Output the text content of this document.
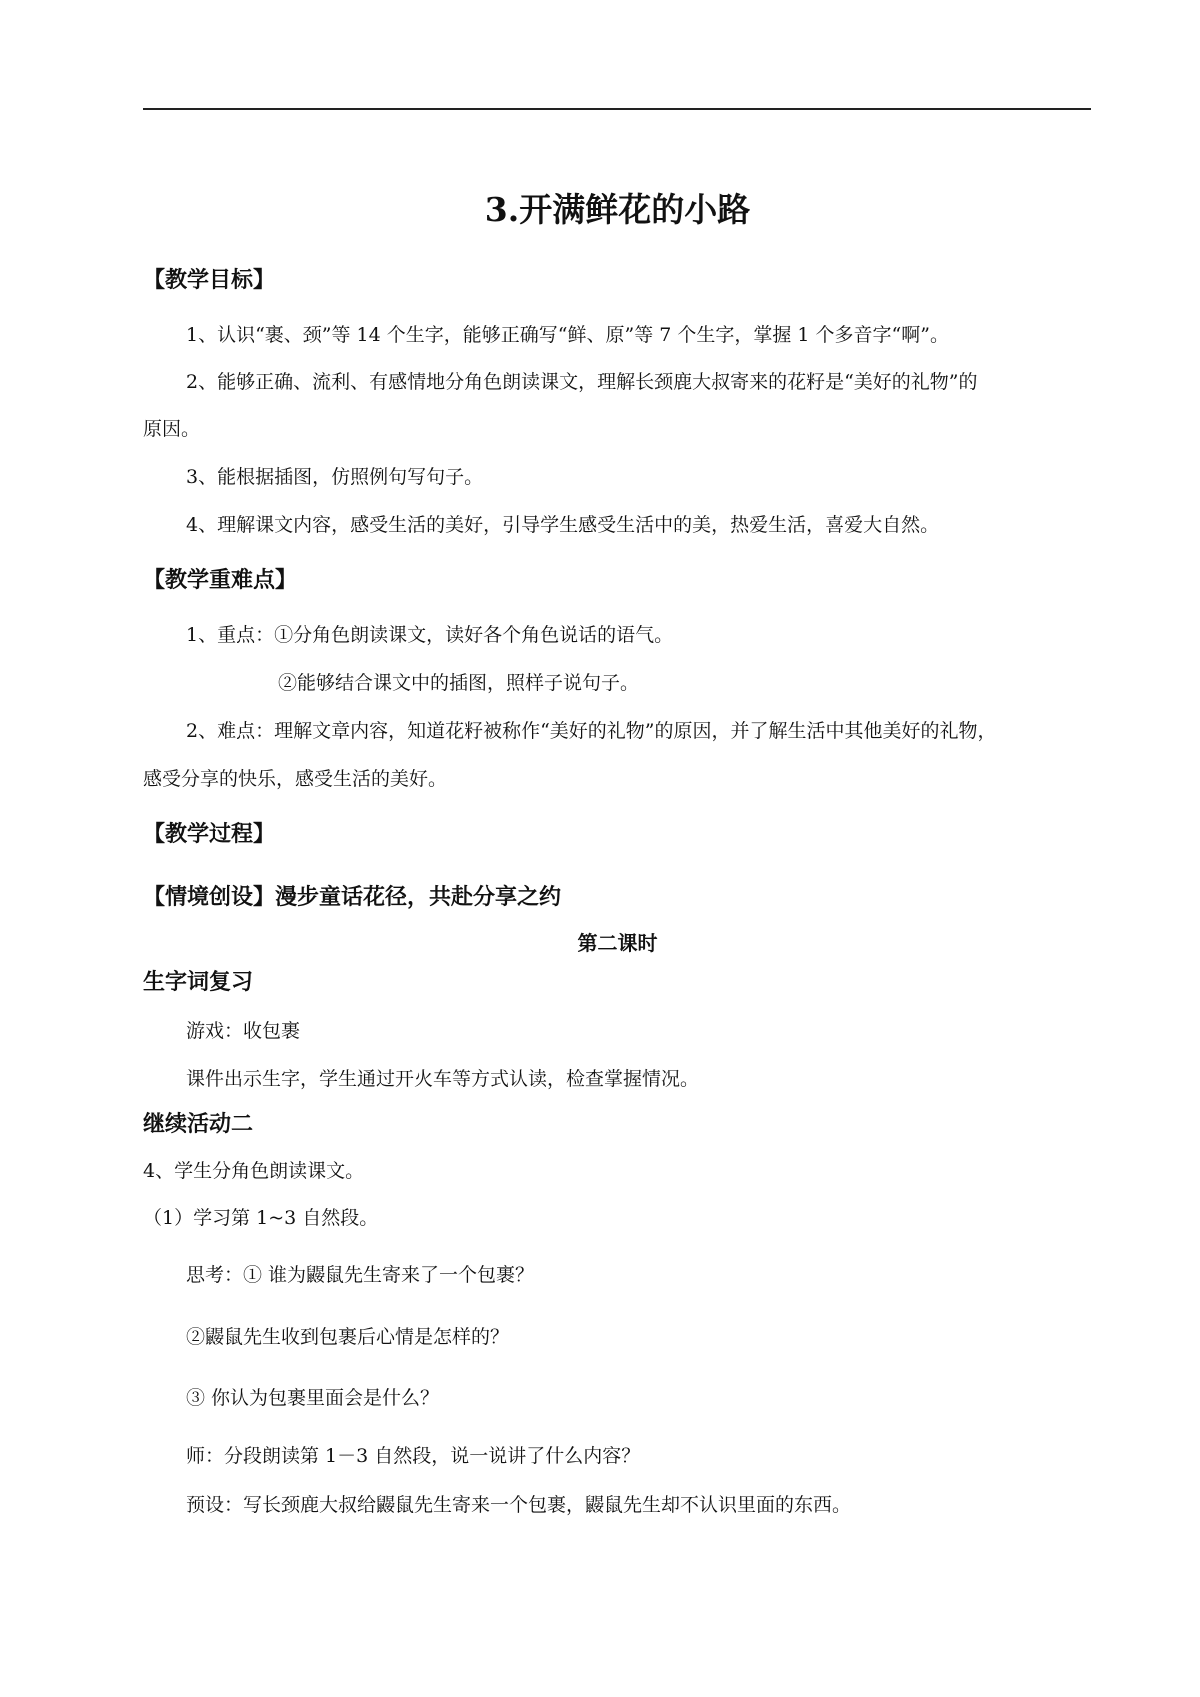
3.开满鲜花的小路
【教学目标】
1、认识“裹、颈”等 14 个生字，能够正确写“鲜、原”等 7 个生字，掌握 1 个多音字“啊”。
2、能够正确、流利、有感情地分角色朗读课文，理解长颈鹿大叔寄来的花籽是“美好的礼物”的
原因。
3、能根据插图，仿照例句写句子。
4、理解课文内容，感受生活的美好，引导学生感受生活中的美，热爱生活，喜爱大自然。
【教学重难点】
1、重点：①分角色朗读课文，读好各个角色说话的语气。
②能够结合课文中的插图，照样子说句子。
2、难点：理解文章内容，知道花籽被称作“美好的礼物”的原因，并了解生活中其他美好的礼物，
感受分享的快乐，感受生活的美好。
【教学过程】
【情境创设】漫步童话花径，共赴分享之约
第二课时
生字词复习
游戏：收包裹
课件出示生字，学生通过开火车等方式认读，检查掌握情况。
继续活动二
4、学生分角色朗读课文。
（1）学习第 1~3 自然段。
思考：① 谁为鼹鼠先生寄来了一个包裹？
②鼹鼠先生收到包裹后心情是怎样的？
③ 你认为包裹里面会是什么？
师：分段朗读第 1－3 自然段，说一说讲了什么内容？
预设：写长颈鹿大叔给鼹鼠先生寄来一个包裹，鼹鼠先生却不认识里面的东西。
